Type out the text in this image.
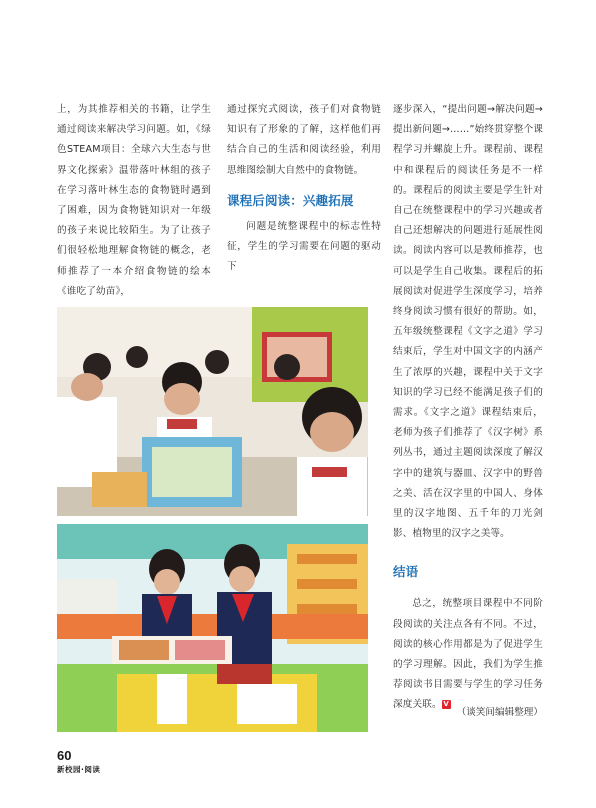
上，为其推荐相关的书籍，让学生通过阅读来解决学习问题。如，《绿色STEAM项目：全球六大生态与世界文化探索》温带落叶林组的孩子在学习落叶林生态的食物链时遇到了困难，因为食物链知识对一年级的孩子来说比较陌生。为了让孩子们很轻松地理解食物链的概念，老师推荐了一本介绍食物链的绘本《谁吃了幼苗》，

通过探究式阅读，孩子们对食物链知识有了形象的了解，这样他们再结合自己的生活和阅读经验，利用思维图绘制大自然中的食物链。

课程后阅读：兴趣拓展

问题是统整课程中的标志性特征，学生的学习需要在问题的驱动下

逐步深入，“提出问题→解决问题→提出新问题→……”始终贯穿整个课程学习并螺旋上升。课程前、课程中和课程后的阅读任务是不一样的。课程后的阅读主要是学生针对自己在统整课程中的学习兴趣或者自己还想解决的问题进行延展性阅读。阅读内容可以是教师推荐，也可以是学生自己收集。课程后的拓展阅读对促进学生深度学习，培养终身阅读习惯有很好的帮助。如，五年级统整课程《文字之道》学习结束后，学生对中国文字的内涵产生了浓厚的兴趣，课程中关于文字知识的学习已经不能满足孩子们的需求。《文字之道》课程结束后，老师为孩子们推荐了《汉字树》系列丛书，通过主题阅读深度了解汉字中的建筑与器皿、汉字中的野兽之美、活在汉字里的中国人、身体里的汉字地图、五千年的刀光剑影、植物里的汉字之美等。

结语

总之，统整项目课程中不同阶段阅读的关注点各有不同。不过，阅读的核心作用都是为了促进学生的学习理解。因此，我们为学生推荐阅读书目需要与学生的学习任务深度关联。 V

（谈笑间编辑整理）
60
新校园·阅读
